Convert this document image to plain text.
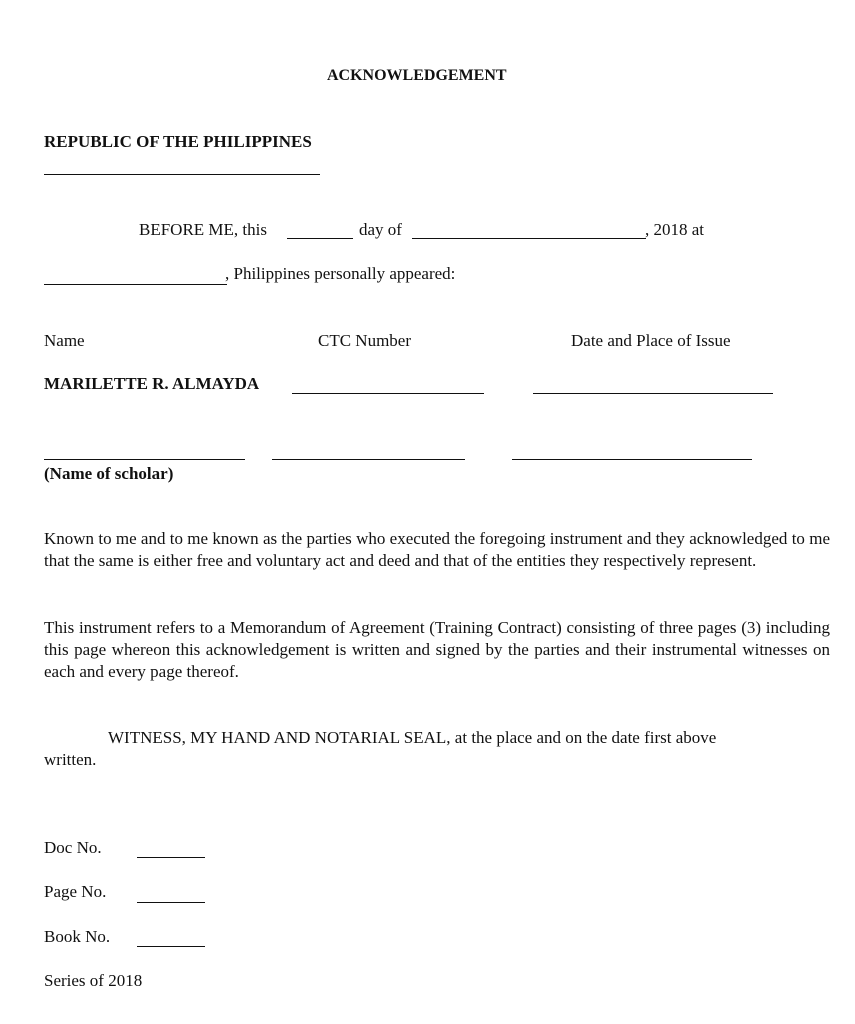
ACKNOWLEDGEMENT
REPUBLIC OF THE PHILIPPINES
BEFORE ME, this	day of	, 2018 at
, Philippines personally appeared:
Name	CTC Number	Date and Place of Issue
MARILETTE R. ALMAYDA
(Name of scholar)
Known to me and to me known as the parties who executed the foregoing instrument and they acknowledged to me that the same is either free and voluntary act and deed and that of the entities they respectively represent.
This instrument refers to a Memorandum of Agreement (Training Contract) consisting of three pages (3) including this page whereon this acknowledgement is written and signed by the parties and their instrumental witnesses on each and every page thereof.
WITNESS, MY HAND AND NOTARIAL SEAL, at the place and on the date first above
written.
Doc No.
Page No.
Book No.
Series of 2018
